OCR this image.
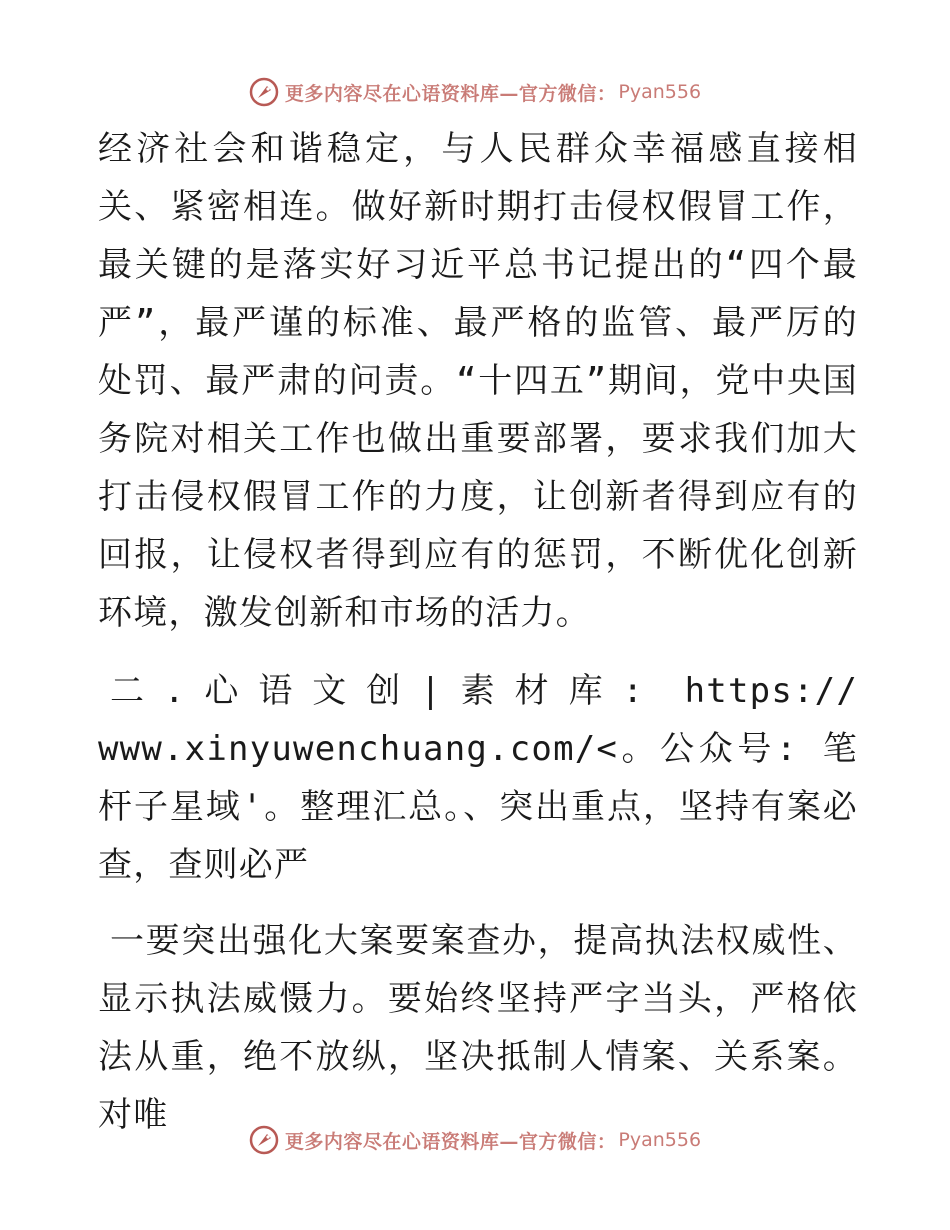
更多内容尽在心语资料库—官方微信： Pyan556

经济社会和谐稳定，与人民群众幸福感直接相关、紧密相连。做好新时期打击侵权假冒工作，最关键的是落实好习近平总书记提出的“四个最严”，最严谨的标准、最严格的监管、最严厉的处罚、最严肃的问责。“十四五”期间，党中央国务院对相关工作也做出重要部署，要求我们加大打击侵权假冒工作的力度，让创新者得到应有的回报，让侵权者得到应有的惩罚，不断优化创新环境，激发创新和市场的活力。

二.心语文创|素材库: https:// www.xinyuwenchuang.com/<。公众号: 笔杆子星域'。整理汇总。、突出重点，坚持有案必查，查则必严

一要突出强化大案要案查办，提高执法权威性、显示执法威慑力。要始终坚持严字当头，严格依法从重，绝不放纵，坚决抵制人情案、关系案。对唯

更多内容尽在心语资料库—官方微信： Pyan556
